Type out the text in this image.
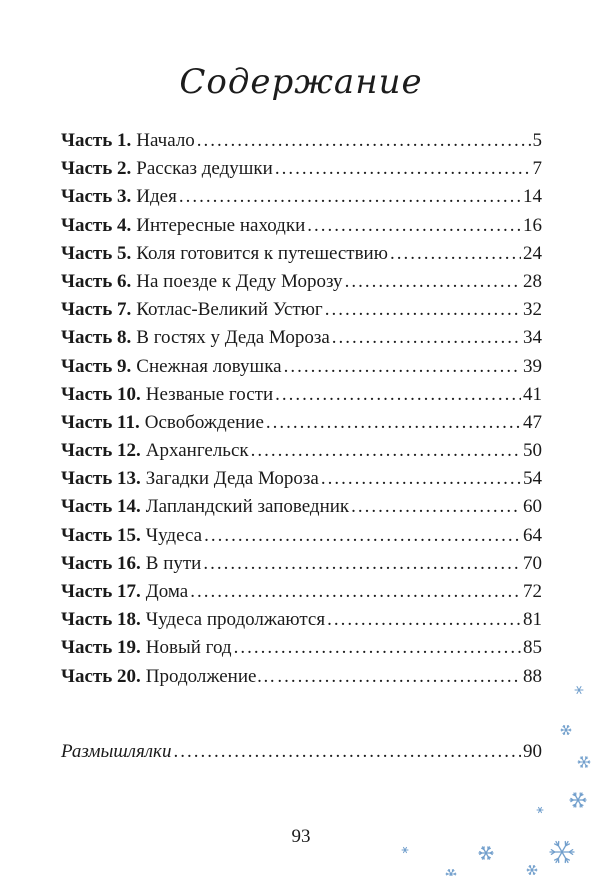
Содержание
Часть 1. Начало .....	5
Часть 2. Рассказ дедушки .....	7
Часть 3. Идея .....	14
Часть 4. Интересные находки .....	16
Часть 5. Коля готовится к путешествию .....	24
Часть 6. На поезде к Деду Морозу .....	28
Часть 7. Котлас-Великий Устюг .....	32
Часть 8. В гостях у Деда Мороза .....	34
Часть 9. Снежная ловушка .....	39
Часть 10. Незваные гости .....	41
Часть 11. Освобождение .....	47
Часть 12. Архангельск .....	50
Часть 13. Загадки Деда Мороза .....	54
Часть 14. Лапландский заповедник .....	60
Часть 15. Чудеса .....	64
Часть 16. В пути .....	70
Часть 17. Дома .....	72
Часть 18. Чудеса продолжаются .....	81
Часть 19. Новый год .....	85
Часть 20. Продолжение… .....	88
Размышлялки .....	90
93
